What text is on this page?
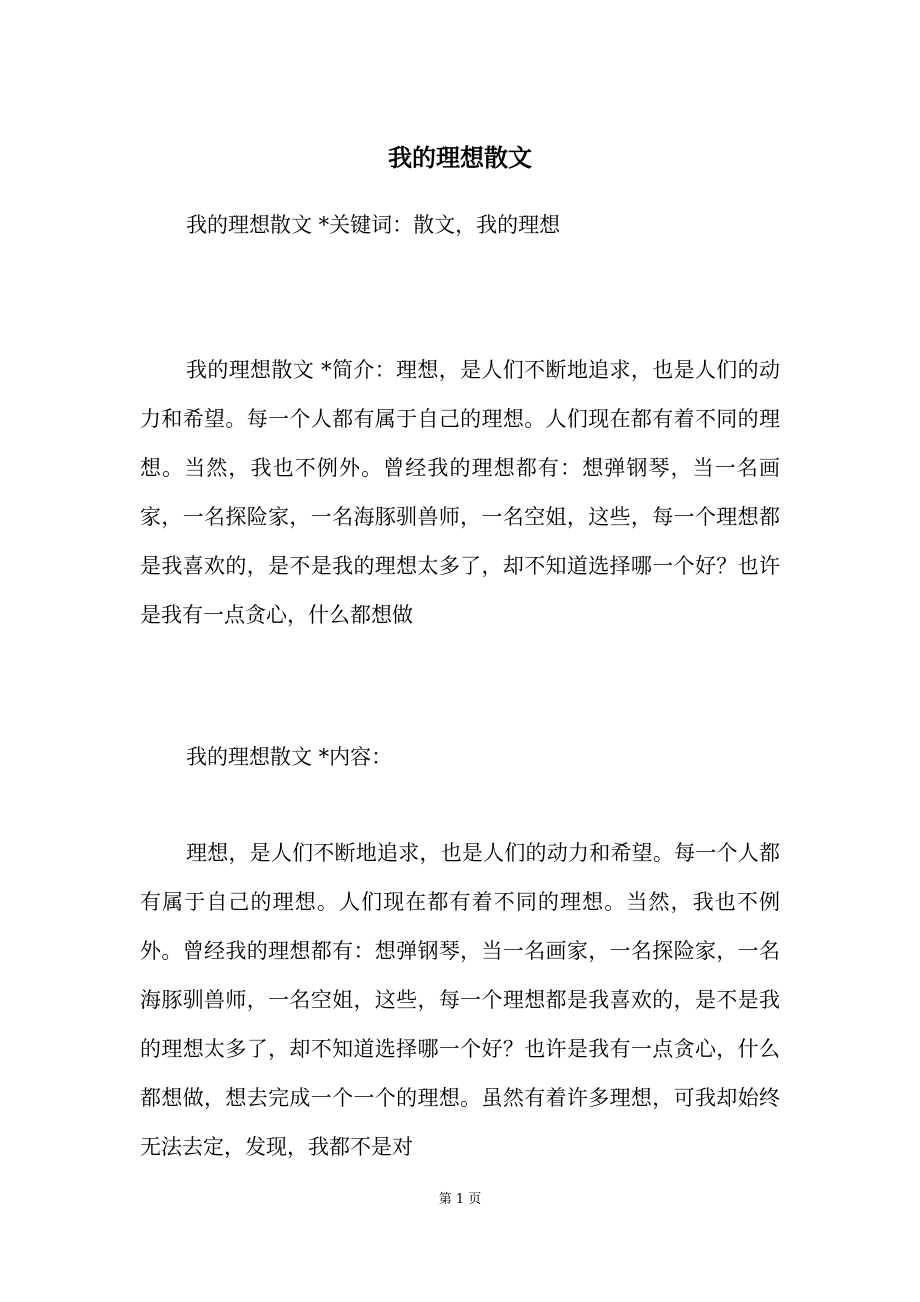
我的理想散文

我的理想散文 *关键词：散文，我的理想

我的理想散文 *简介：理想，是人们不断地追求，也是人们的动力和希望。每一个人都有属于自己的理想。人们现在都有着不同的理想。当然，我也不例外。曾经我的理想都有：想弹钢琴，当一名画家，一名探险家，一名海豚驯兽师，一名空姐，这些，每一个理想都是我喜欢的，是不是我的理想太多了，却不知道选择哪一个好？也许是我有一点贪心，什么都想做

我的理想散文 *内容：

理想，是人们不断地追求，也是人们的动力和希望。每一个人都有属于自己的理想。人们现在都有着不同的理想。当然，我也不例外。曾经我的理想都有：想弹钢琴，当一名画家，一名探险家，一名海豚驯兽师，一名空姐，这些，每一个理想都是我喜欢的，是不是我的理想太多了，却不知道选择哪一个好？也许是我有一点贪心，什么都想做，想去完成一个一个的理想。虽然有着许多理想，可我却始终无法去定，发现，我都不是对

第 1 页
